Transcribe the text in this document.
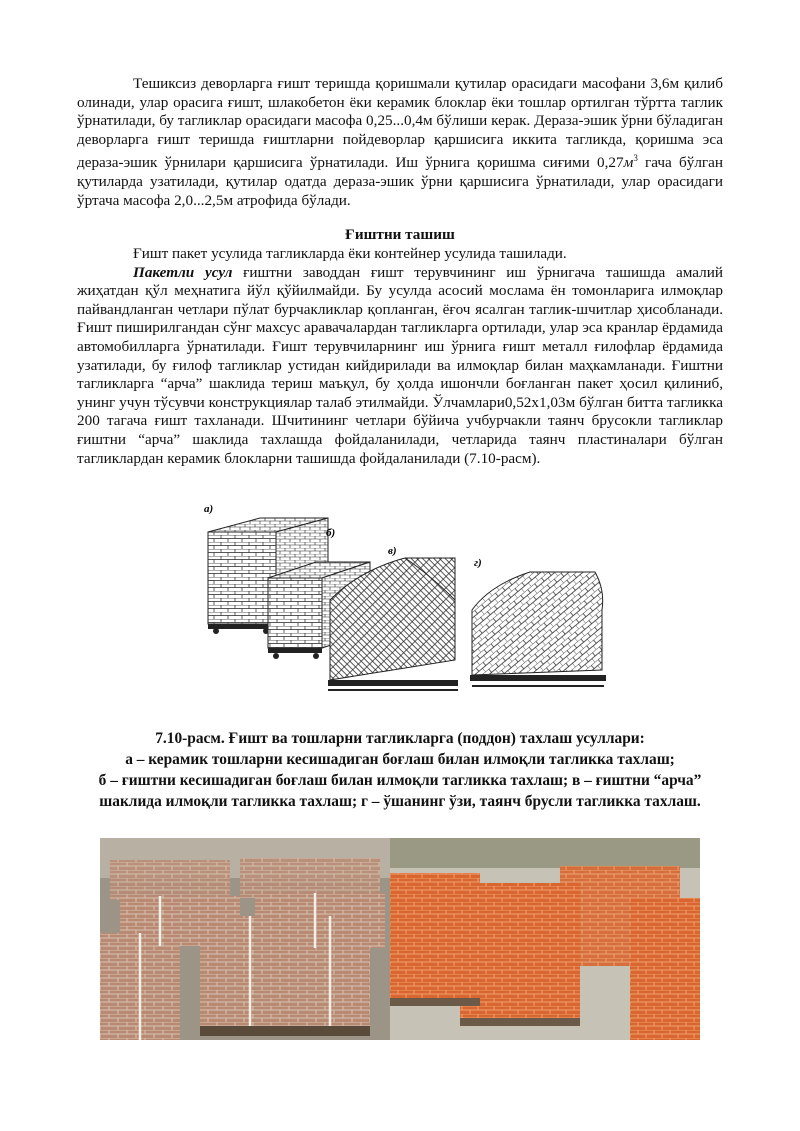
Тешиксиз деворларга ғишт теришда қоришмали қутилар орасидаги масофани 3,6м қилиб олинади, улар орасига ғишт, шлакобетон ёки керамик блоклар ёки тошлар ортилган тўртта таглик ўрнатилади, бу тагликлар орасидаги масофа 0,25...0,4м бўлиши керак. Дераза-эшик ўрни бўладиган деворларга ғишт теришда ғиштларни пойдеворлар қаршисига иккита тагликда, қоришма эса дераза-эшик ўрнилари қаршисига ўрнатилади. Иш ўрнига қоришма сиғими $0,27м^3$ гача бўлган қутиларда узатилади, қутилар одатда дераза-эшик ўрни қаршисига ўрнатилади, улар орасидаги ўртача масофа 2,0...2,5м атрофида бўлади.

Ғиштни ташиш

Ғишт пакет усулида тагликларда ёки контейнер усулида ташилади.

Пакетли усул ғиштни заводдан ғишт терувчининг иш ўрнигача ташишда амалий жиҳатдан қўл меҳнатига йўл қўйилмайди. Бу усулда асосий мослама ён томонларига илмоқлар пайвандланган четлари пўлат бурчакликлар қопланган, ёғоч ясалган таглик-шчитлар ҳисобланади. Ғишт пиширилгандан сўнг махсус аравачалардан тагликларга ортилади, улар эса кранлар ёрдамида автомобилларга ўрнатилади. Ғишт терувчиларнинг иш ўрнига ғишт металл ғилофлар ёрдамида узатилади, бу ғилоф тагликлар устидан кийдирилади ва илмоқлар билан маҳкамланади. Ғиштни тагликларга “арча” шаклида териш маъқул, бу ҳолда ишончли боғланган пакет ҳосил қилиниб, унинг учун тўсувчи конструкциялар талаб этилмайди. Ўлчамлари0,52х1,03м бўлган битта тагликка 200 тагача ғишт тахланади. Шчитининг четлари бўйича учбурчакли таянч брусокли тагликлар ғиштни “арча” шаклида тахлашда фойдаланилади, четларида таянч пластиналари бўлган тагликлардан керамик блокларни ташишда фойдаланилади (7.10-расм).

а)
б)
в)
г)
7.10-расм. Ғишт ва тошларни тагликларга (поддон) тахлаш усуллари:
а – керамик тошларни кесишадиган боғлаш билан илмоқли тагликка тахлаш;
б – ғиштни кесишадиган боғлаш билан илмоқли тагликка тахлаш; в – ғиштни “арча”
шаклида илмоқли тагликка тахлаш; г – ўшанинг ўзи, таянч брусли тагликка тахлаш.
